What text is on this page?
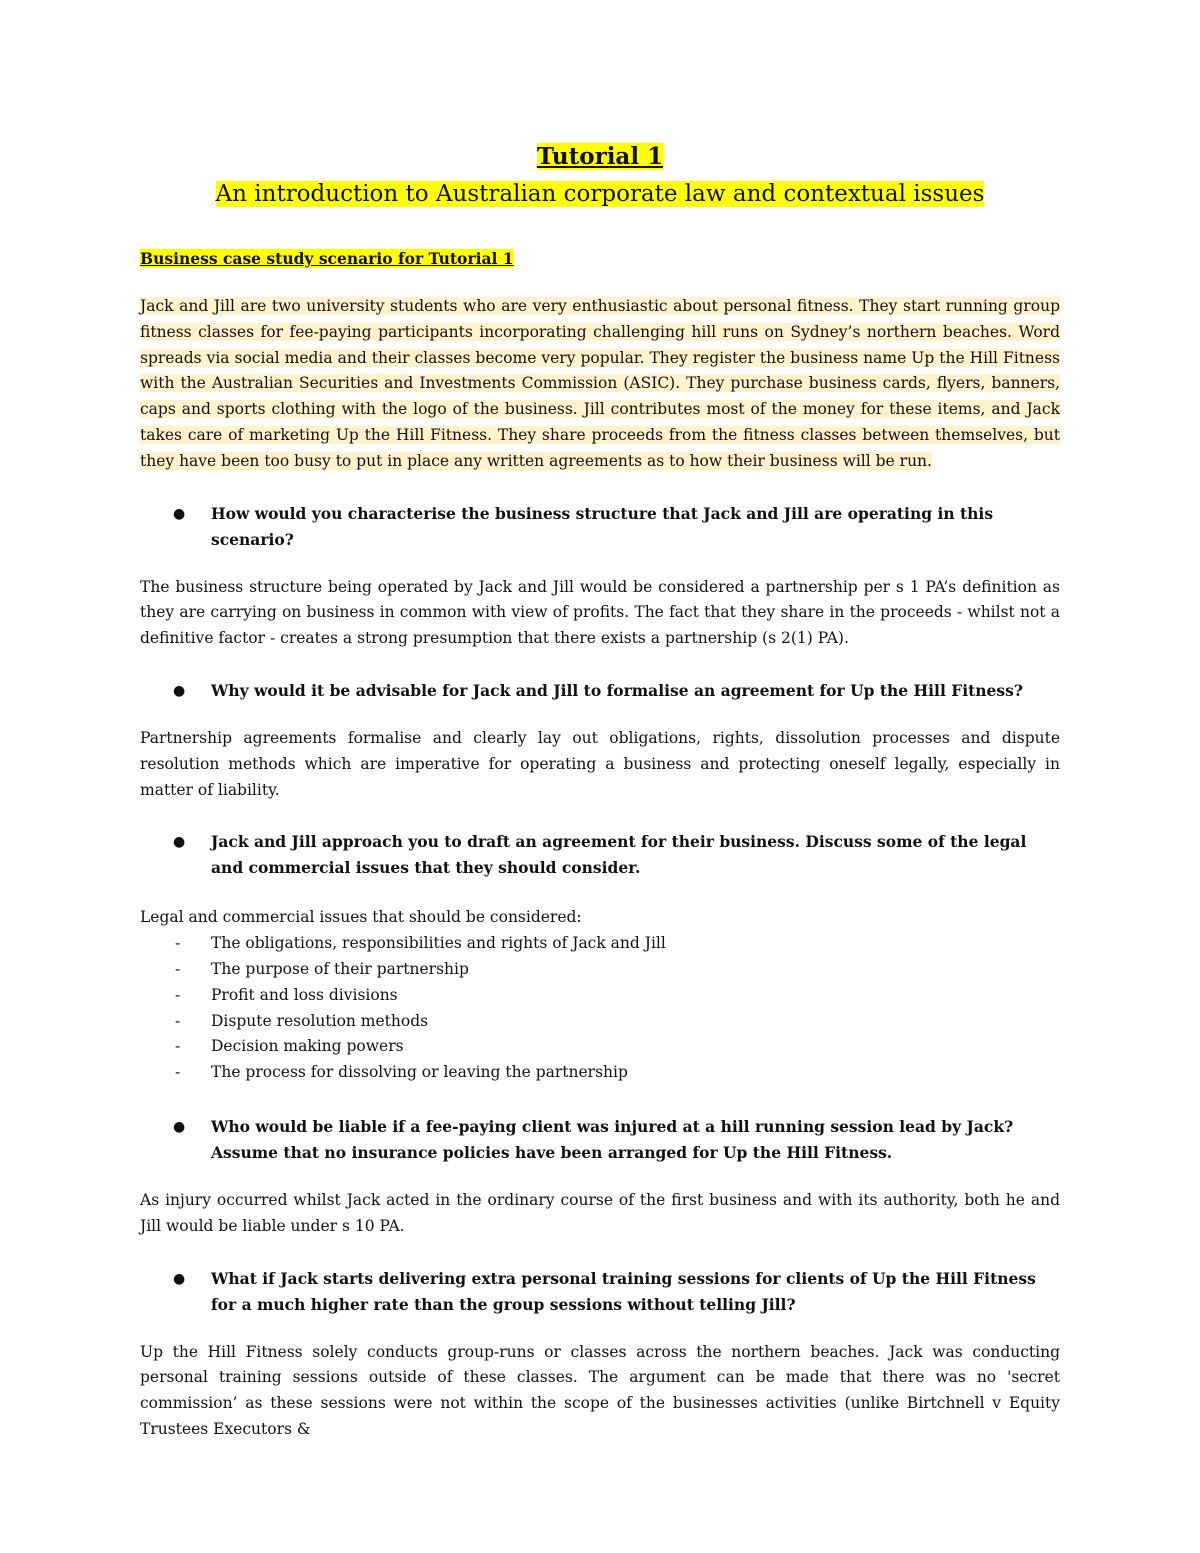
Tutorial 1
An introduction to Australian corporate law and contextual issues
Business case study scenario for Tutorial 1

Jack and Jill are two university students who are very enthusiastic about personal fitness. They start running group fitness classes for fee-paying participants incorporating challenging hill runs on Sydney’s northern beaches. Word spreads via social media and their classes become very popular. They register the business name Up the Hill Fitness with the Australian Securities and Investments Commission (ASIC). They purchase business cards, flyers, banners, caps and sports clothing with the logo of the business. Jill contributes most of the money for these items, and Jack takes care of marketing Up the Hill Fitness. They share proceeds from the fitness classes between themselves, but they have been too busy to put in place any written agreements as to how their business will be run.

● How would you characterise the business structure that Jack and Jill are operating in this scenario?

The business structure being operated by Jack and Jill would be considered a partnership per s 1 PA’s definition as they are carrying on business in common with view of profits. The fact that they share in the proceeds - whilst not a definitive factor - creates a strong presumption that there exists a partnership (s 2(1) PA).

● Why would it be advisable for Jack and Jill to formalise an agreement for Up the Hill Fitness?

Partnership agreements formalise and clearly lay out obligations, rights, dissolution processes and dispute resolution methods which are imperative for operating a business and protecting oneself legally, especially in matter of liability.

● Jack and Jill approach you to draft an agreement for their business. Discuss some of the legal and commercial issues that they should consider.

Legal and commercial issues that should be considered:

- The obligations, responsibilities and rights of Jack and Jill
- The purpose of their partnership
- Profit and loss divisions
- Dispute resolution methods
- Decision making powers
- The process for dissolving or leaving the partnership
● Who would be liable if a fee-paying client was injured at a hill running session lead by Jack? Assume that no insurance policies have been arranged for Up the Hill Fitness.

As injury occurred whilst Jack acted in the ordinary course of the first business and with its authority, both he and Jill would be liable under s 10 PA.

● What if Jack starts delivering extra personal training sessions for clients of Up the Hill Fitness for a much higher rate than the group sessions without telling Jill?

Up the Hill Fitness solely conducts group-runs or classes across the northern beaches. Jack was conducting personal training sessions outside of these classes. The argument can be made that there was no 'secret commission’ as these sessions were not within the scope of the businesses activities (unlike Birtchnell v Equity Trustees Executors &
